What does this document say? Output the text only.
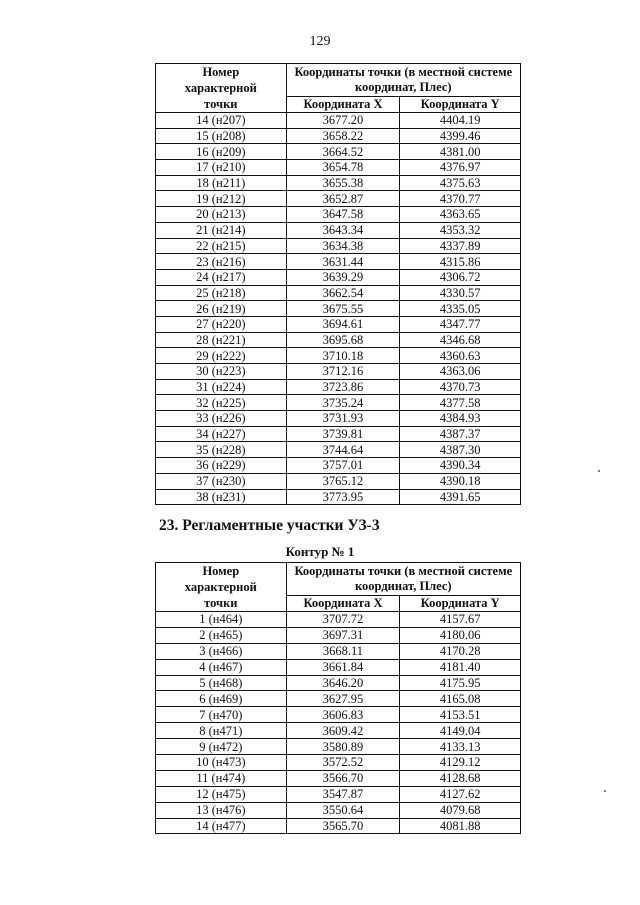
129
Номер
характерной
точки	Координаты точки (в местной системе
координат, Плес)	
	Координата X	Координата Y
14 (н207)	3677.20	4404.19
15 (н208)	3658.22	4399.46
16 (н209)	3664.52	4381.00
17 (н210)	3654.78	4376.97
18 (н211)	3655.38	4375.63
19 (н212)	3652.87	4370.77
20 (н213)	3647.58	4363.65
21 (н214)	3643.34	4353.32
22 (н215)	3634.38	4337.89
23 (н216)	3631.44	4315.86
24 (н217)	3639.29	4306.72
25 (н218)	3662.54	4330.57
26 (н219)	3675.55	4335.05
27 (н220)	3694.61	4347.77
28 (н221)	3695.68	4346.68
29 (н222)	3710.18	4360.63
30 (н223)	3712.16	4363.06
31 (н224)	3723.86	4370.73
32 (н225)	3735.24	4377.58
33 (н226)	3731.93	4384.93
34 (н227)	3739.81	4387.37
35 (н228)	3744.64	4387.30
36 (н229)	3757.01	4390.34
37 (н230)	3765.12	4390.18
38 (н231)	3773.95	4391.65
23. Регламентные участки УЗ-3
Контур № 1
Номер
характерной
точки	Координаты точки (в местной системе
координат, Плес)	
	Координата X	Координата Y
1 (н464)	3707.72	4157.67
2 (н465)	3697.31	4180.06
3 (н466)	3668.11	4170.28
4 (н467)	3661.84	4181.40
5 (н468)	3646.20	4175.95
6 (н469)	3627.95	4165.08
7 (н470)	3606.83	4153.51
8 (н471)	3609.42	4149.04
9 (н472)	3580.89	4133.13
10 (н473)	3572.52	4129.12
11 (н474)	3566.70	4128.68
12 (н475)	3547.87	4127.62
13 (н476)	3550.64	4079.68
14 (н477)	3565.70	4081.88
